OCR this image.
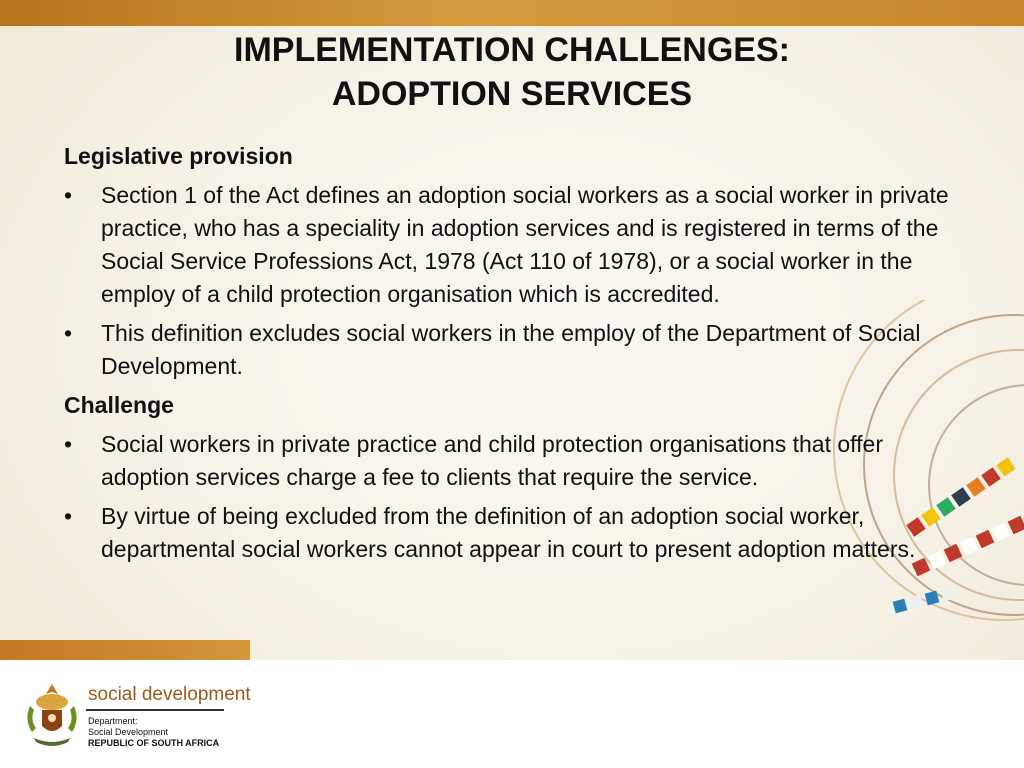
IMPLEMENTATION CHALLENGES:
ADOPTION SERVICES
Legislative provision
• Section 1 of the Act defines an adoption social workers as a social worker in private practice, who has a speciality in adoption services and is registered in terms of the Social Service Professions Act, 1978 (Act 110 of 1978), or a social worker in the employ of a child protection organisation which is accredited.
• This definition excludes social workers in the employ of the Department of Social Development.
Challenge
• Social workers in private practice and child protection organisations that offer adoption services charge a fee to clients that require the service.
• By virtue of being excluded from the definition of an adoption social worker, departmental social workers cannot appear in court to present adoption matters.
social development
Department:
Social Development
REPUBLIC OF SOUTH AFRICA
